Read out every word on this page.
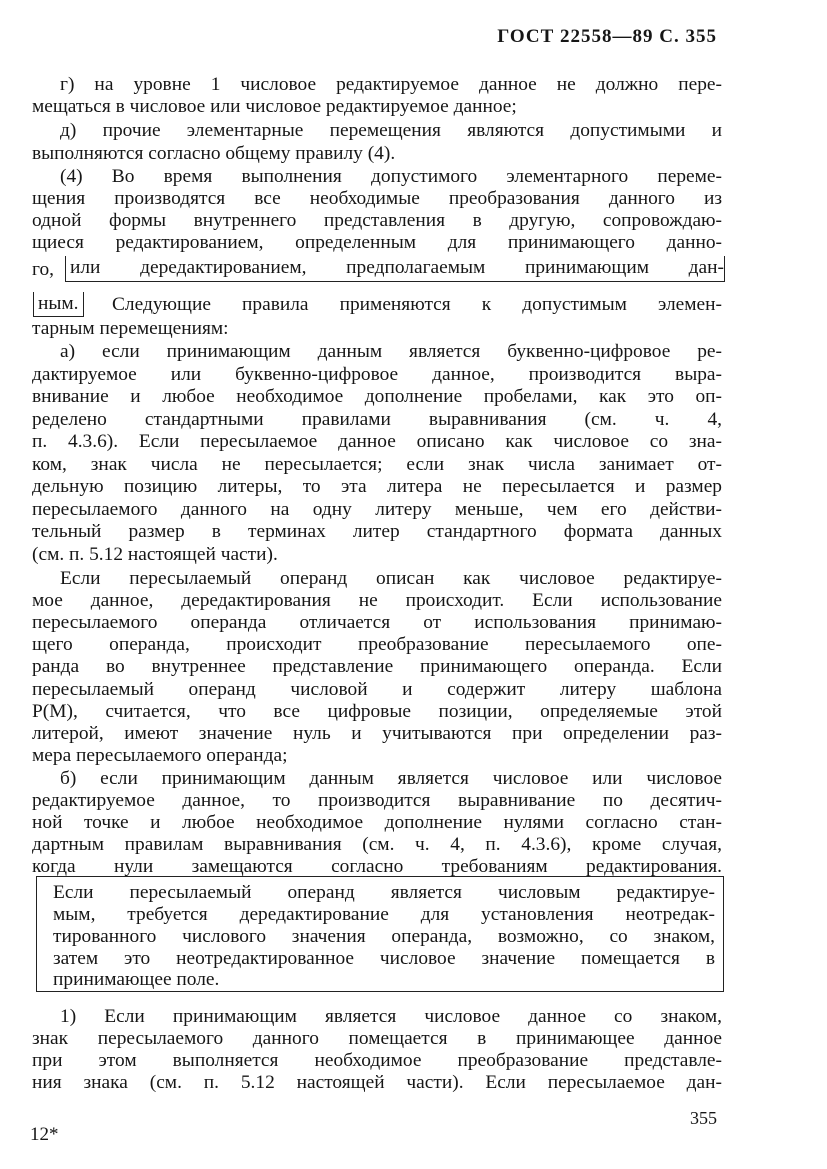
ГОСТ 22558—89 С. 355
г) на уровне 1 числовое редактируемое данное не должно пере-
мещаться в числовое или числовое редактируемое данное;
д) прочие элементарные перемещения являются допустимыми и
выполняются согласно общему правилу (4).
(4) Во время выполнения допустимого элементарного переме-
щения производятся все необходимые преобразования данного из
одной формы внутреннего представления в другую, сопровождаю-
щиеся редактированием, определенным для принимающего данно-
го, или дередактированием, предполагаемым принимающим дан-
ным. Следующие правила применяются к допустимым элемен-
тарным перемещениям:
а) если принимающим данным является буквенно-цифровое ре-
дактируемое или буквенно-цифровое данное, производится выра-
внивание и любое необходимое дополнение пробелами, как это оп-
ределено стандартными правилами выравнивания (см. ч. 4,
п. 4.3.6). Если пересылаемое данное описано как числовое со зна-
ком, знак числа не пересылается; если знак числа занимает от-
дельную позицию литеры, то эта литера не пересылается и размер
пересылаемого данного на одну литеру меньше, чем его действи-
тельный размер в терминах литер стандартного формата данных
(см. п. 5.12 настоящей части).
Если пересылаемый операнд описан как числовое редактируе-
мое данное, дередактирования не происходит. Если использование
пересылаемого операнда отличается от использования принимаю-
щего операнда, происходит преобразование пересылаемого опе-
ранда во внутреннее представление принимающего операнда. Если
пересылаемый операнд числовой и содержит литеру шаблона
P(M), считается, что все цифровые позиции, определяемые этой
литерой, имеют значение нуль и учитываются при определении раз-
мера пересылаемого операнда;
б) если принимающим данным является числовое или числовое
редактируемое данное, то производится выравнивание по десятич-
ной точке и любое необходимое дополнение нулями согласно стан-
дартным правилам выравнивания (см. ч. 4, п. 4.3.6), кроме случая,
когда нули замещаются согласно требованиям редактирования.
Если пересылаемый операнд является числовым редактируе-
мым, требуется дередактирование для установления неотредак-
тированного числового значения операнда, возможно, со знаком,
затем это неотредактированное числовое значение помещается в
принимающее поле.
1) Если принимающим является числовое данное со знаком,
знак пересылаемого данного помещается в принимающее данное
при этом выполняется необходимое преобразование представле-
ния знака (см. п. 5.12 настоящей части). Если пересылаемое дан-
12*
355
